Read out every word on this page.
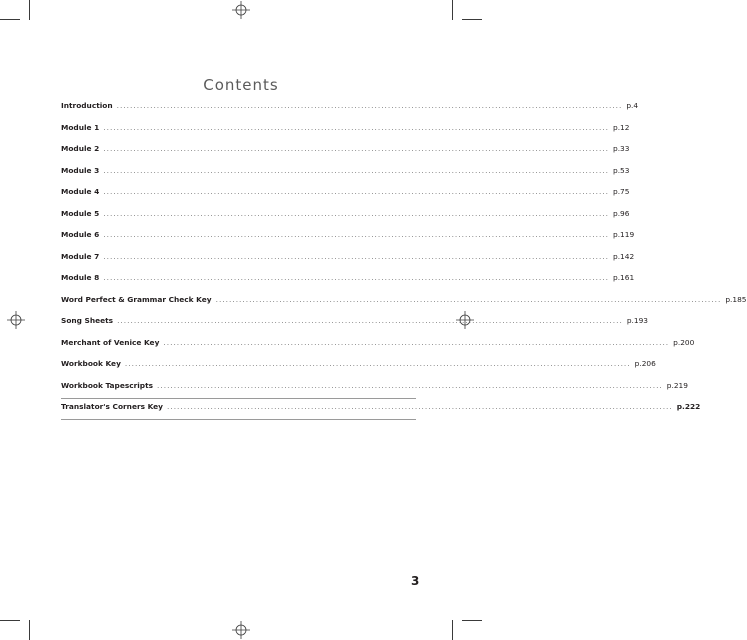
Contents
Introduction ....................................................................................................................................................... p. 4
Module 1 ....................................................................................................................................................... p. 12
Module 2 ....................................................................................................................................................... p. 33
Module 3 ....................................................................................................................................................... p. 53
Module 4 ....................................................................................................................................................... p. 75
Module 5 ....................................................................................................................................................... p. 96
Module 6 ....................................................................................................................................................... p. 119
Module 7 ....................................................................................................................................................... p. 142
Module 8 ....................................................................................................................................................... p. 161
Word Perfect & Grammar Check Key ....................................................................................................................................................... p. 185
Song Sheets ....................................................................................................................................................... p. 193
Merchant of Venice Key ....................................................................................................................................................... p. 200
Workbook Key ....................................................................................................................................................... p. 206
Workbook Tapescripts ....................................................................................................................................................... p. 219
Translator's Corners Key ....................................................................................................................................................... p. 222
3
